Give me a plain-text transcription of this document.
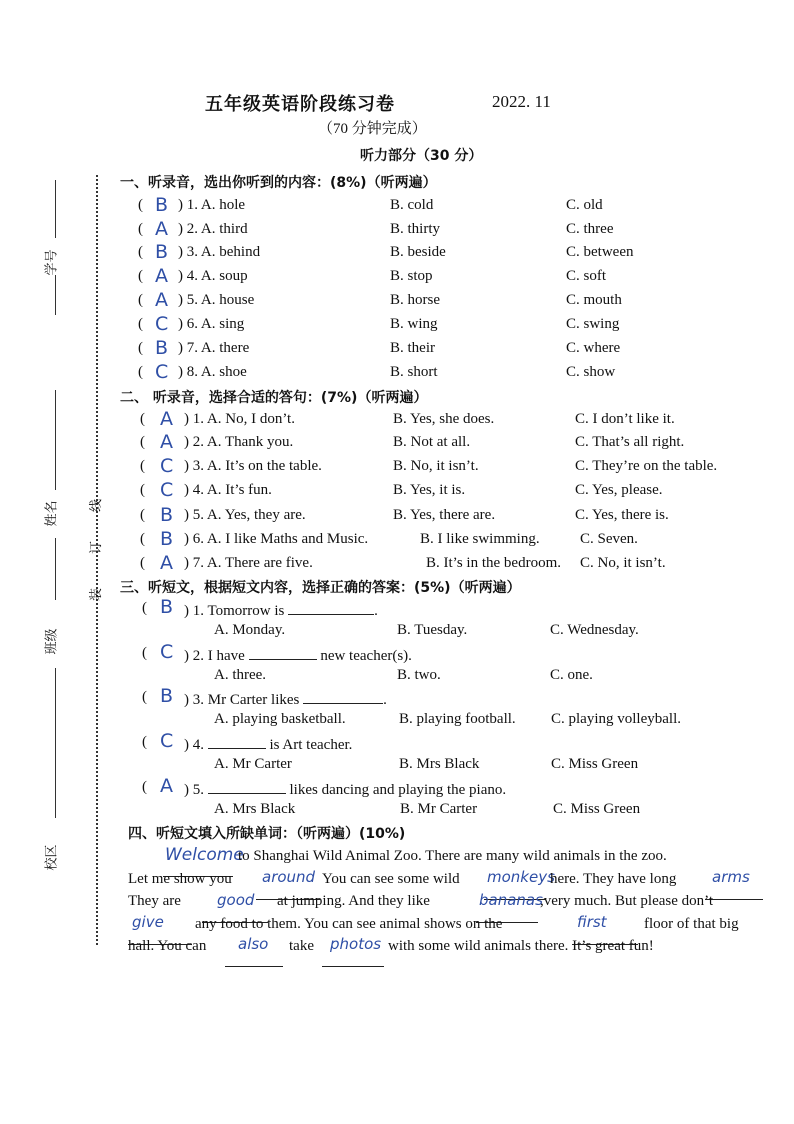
五年级英语阶段练习卷	2022. 11
（70 分钟完成）
听力部分（30 分）
学号
姓名
班级
校区
线
订
装
一、听录音，选出你听到的内容：(8%)（听两遍）
( B ) 1. A. hole	B. cold	C. old
( A ) 2. A. third	B. thirty	C. three
( B ) 3. A. behind	B. beside	C. between
( A ) 4. A. soup	B. stop	C. soft
( A ) 5. A. house	B. horse	C. mouth
( C ) 6. A. sing	B. wing	C. swing
( B ) 7. A. there	B. their	C. where
( C ) 8. A. shoe	B. short	C. show
二、 听录音，选择合适的答句：(7%)（听两遍）
( A ) 1. A. No, I don’t.	B. Yes, she does.	C. I don’t like it.
( A ) 2. A. Thank you.	B. Not at all.	C. That’s all right.
( C ) 3. A. It’s on the table.	B. No, it isn’t.	C. They’re on the table.
( C ) 4. A. It’s fun.	B. Yes, it is.	C. Yes, please.
( B ) 5. A. Yes, they are.	B. Yes, there are.	C. Yes, there is.
( B ) 6. A. I like Maths and Music.	B. I like swimming.	C. Seven.
( A ) 7. A. There are five.	B. It’s in the bedroom. C. No, it isn’t.
三、听短文，根据短文内容，选择正确的答案：(5%)（听两遍）
( B ) 1. Tomorrow is	.
A. Monday.	B. Tuesday.	C. Wednesday.
( C ) 2. I have	new teacher(s).
A. three.	B. two.	C. one.
( B ) 3. Mr Carter likes	.
A. playing basketball.	B. playing football. C. playing volleyball.
( C ) 4.	is Art teacher.
A. Mr Carter	B. Mrs Black	C. Miss Green
( A ) 5.	likes dancing and playing the piano.
A. Mrs Black	B. Mr Carter	C. Miss Green
四、听短文填入所缺单词：（听两遍）(10%)
Welcome
to Shanghai Wild Animal Zoo. There are many wild animals in the zoo.
Let me show you around You can see some wild monkeys
here. They have long arms
They are good at jumping. And they like	bananas
,very much. But please don’t
give any food to them. You can see animal shows on the	first floor of that big
hall. You can also take photos with some wild animals there. It’s great fun!
